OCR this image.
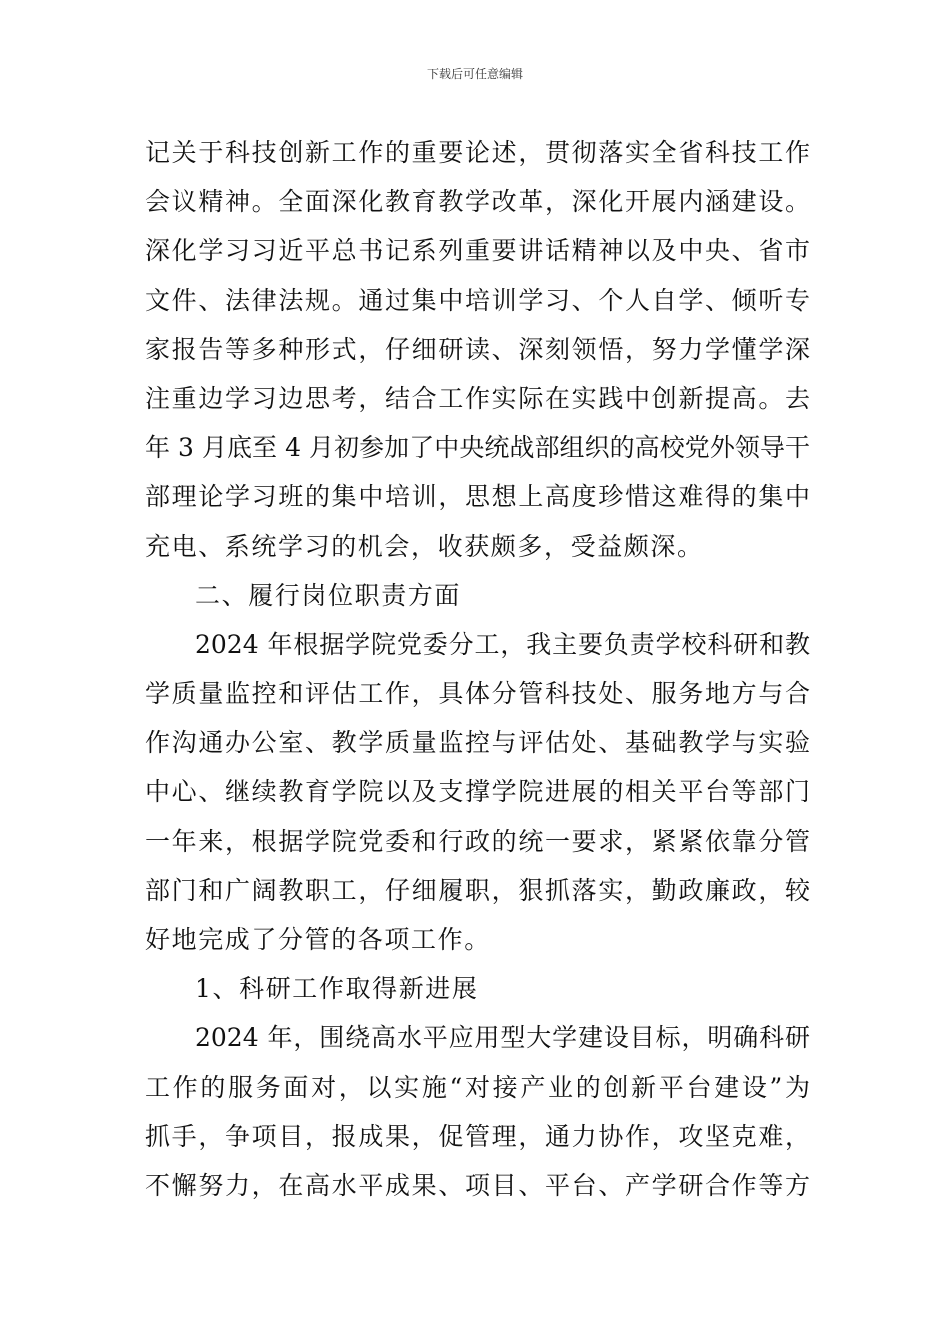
下载后可任意编辑
记关于科技创新工作的重要论述，贯彻落实全省科技工作
会议精神。全面深化教育教学改革，深化开展内涵建设。
深化学习习近平总书记系列重要讲话精神以及中央、省市
文件、法律法规。通过集中培训学习、个人自学、倾听专
家报告等多种形式，仔细研读、深刻领悟，努力学懂学深
注重边学习边思考，结合工作实际在实践中创新提高。去
年 3 月底至 4 月初参加了中央统战部组织的高校党外领导干
部理论学习班的集中培训，思想上高度珍惜这难得的集中
充电、系统学习的机会，收获颇多，受益颇深。
二、履行岗位职责方面
2024 年根据学院党委分工，我主要负责学校科研和教
学质量监控和评估工作，具体分管科技处、服务地方与合
作沟通办公室、教学质量监控与评估处、基础教学与实验
中心、继续教育学院以及支撑学院进展的相关平台等部门
一年来，根据学院党委和行政的统一要求，紧紧依靠分管
部门和广阔教职工，仔细履职，狠抓落实，勤政廉政，较
好地完成了分管的各项工作。
1、科研工作取得新进展
2024 年，围绕高水平应用型大学建设目标，明确科研
工作的服务面对，以实施“对接产业的创新平台建设”为
抓手，争项目，报成果，促管理，通力协作，攻坚克难，
不懈努力，在高水平成果、项目、平台、产学研合作等方
